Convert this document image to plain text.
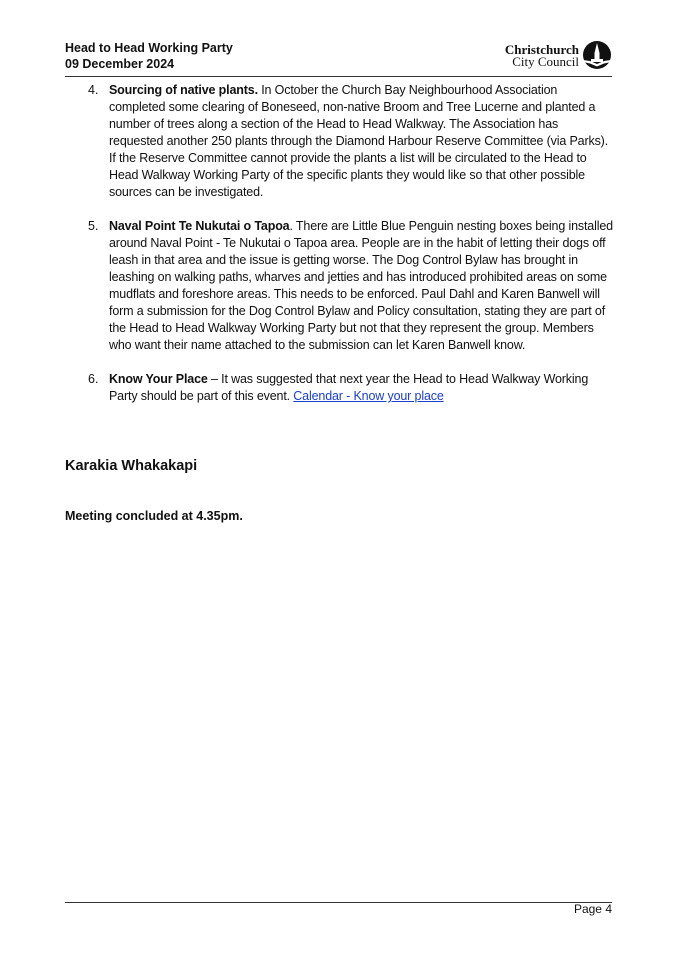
Head to Head Working Party
09 December 2024
Christchurch
City Council
4. Sourcing of native plants. In October the Church Bay Neighbourhood Association completed some clearing of Boneseed, non-native Broom and Tree Lucerne and planted a number of trees along a section of the Head to Head Walkway. The Association has requested another 250 plants through the Diamond Harbour Reserve Committee (via Parks). If the Reserve Committee cannot provide the plants a list will be circulated to the Head to Head Walkway Working Party of the specific plants they would like so that other possible sources can be investigated.
5. Naval Point Te Nukutai o Tapoa. There are Little Blue Penguin nesting boxes being installed around Naval Point - Te Nukutai o Tapoa area. People are in the habit of letting their dogs off leash in that area and the issue is getting worse. The Dog Control Bylaw has brought in leashing on walking paths, wharves and jetties and has introduced prohibited areas on some mudflats and foreshore areas. This needs to be enforced. Paul Dahl and Karen Banwell will form a submission for the Dog Control Bylaw and Policy consultation, stating they are part of the Head to Head Walkway Working Party but not that they represent the group. Members who want their name attached to the submission can let Karen Banwell know.
6. Know Your Place – It was suggested that next year the Head to Head Walkway Working Party should be part of this event. Calendar - Know your place
Karakia Whakakapi
Meeting concluded at 4.35pm.
Page 4
